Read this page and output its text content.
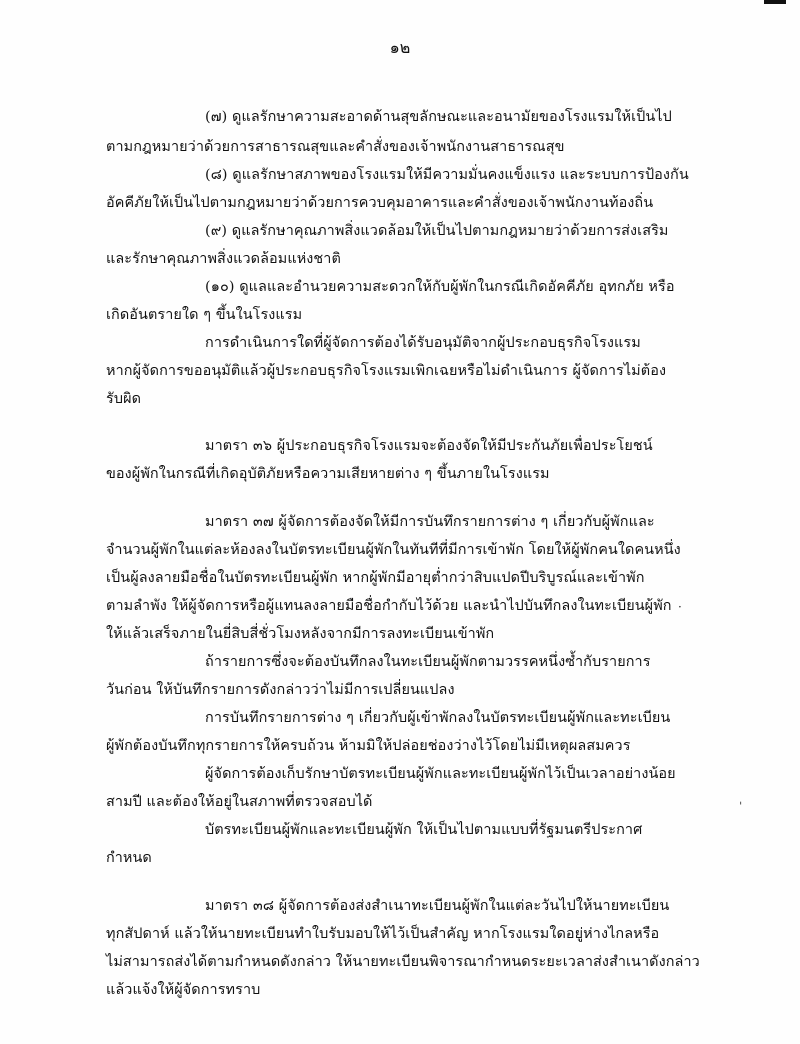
๑๒
(๗) ดูแลรักษาความสะอาดด้านสุขลักษณะและอนามัยของโรงแรมให้เป็นไป
ตามกฎหมายว่าด้วยการสาธารณสุขและคำสั่งของเจ้าพนักงานสาธารณสุข
(๘) ดูแลรักษาสภาพของโรงแรมให้มีความมั่นคงแข็งแรง และระบบการป้องกัน
อัคคีภัยให้เป็นไปตามกฎหมายว่าด้วยการควบคุมอาคารและคำสั่งของเจ้าพนักงานท้องถิ่น
(๙) ดูแลรักษาคุณภาพสิ่งแวดล้อมให้เป็นไปตามกฎหมายว่าด้วยการส่งเสริม
และรักษาคุณภาพสิ่งแวดล้อมแห่งชาติ
(๑๐) ดูแลและอำนวยความสะดวกให้กับผู้พักในกรณีเกิดอัคคีภัย อุทกภัย หรือ
เกิดอันตรายใด ๆ ขึ้นในโรงแรม
การดำเนินการใดที่ผู้จัดการต้องได้รับอนุมัติจากผู้ประกอบธุรกิจโรงแรม
หากผู้จัดการขออนุมัติแล้วผู้ประกอบธุรกิจโรงแรมเพิกเฉยหรือไม่ดำเนินการ ผู้จัดการไม่ต้อง
รับผิด
มาตรา ๓๖ ผู้ประกอบธุรกิจโรงแรมจะต้องจัดให้มีประกันภัยเพื่อประโยชน์
ของผู้พักในกรณีที่เกิดอุบัติภัยหรือความเสียหายต่าง ๆ ขึ้นภายในโรงแรม
มาตรา ๓๗ ผู้จัดการต้องจัดให้มีการบันทึกรายการต่าง ๆ เกี่ยวกับผู้พักและ
จำนวนผู้พักในแต่ละห้องลงในบัตรทะเบียนผู้พักในทันทีที่มีการเข้าพัก โดยให้ผู้พักคนใดคนหนึ่ง
เป็นผู้ลงลายมือชื่อในบัตรทะเบียนผู้พัก หากผู้พักมีอายุต่ำกว่าสิบแปดปีบริบูรณ์และเข้าพัก
ตามลำพัง ให้ผู้จัดการหรือผู้แทนลงลายมือชื่อกำกับไว้ด้วย และนำไปบันทึกลงในทะเบียนผู้พัก
ให้แล้วเสร็จภายในยี่สิบสี่ชั่วโมงหลังจากมีการลงทะเบียนเข้าพัก
ถ้ารายการซึ่งจะต้องบันทึกลงในทะเบียนผู้พักตามวรรคหนึ่งซ้ำกับรายการ
วันก่อน ให้บันทึกรายการดังกล่าวว่าไม่มีการเปลี่ยนแปลง
การบันทึกรายการต่าง ๆ เกี่ยวกับผู้เข้าพักลงในบัตรทะเบียนผู้พักและทะเบียน
ผู้พักต้องบันทึกทุกรายการให้ครบถ้วน ห้ามมิให้ปล่อยช่องว่างไว้โดยไม่มีเหตุผลสมควร
ผู้จัดการต้องเก็บรักษาบัตรทะเบียนผู้พักและทะเบียนผู้พักไว้เป็นเวลาอย่างน้อย
สามปี และต้องให้อยู่ในสภาพที่ตรวจสอบได้
บัตรทะเบียนผู้พักและทะเบียนผู้พัก ให้เป็นไปตามแบบที่รัฐมนตรีประกาศ
กำหนด
มาตรา ๓๘ ผู้จัดการต้องส่งสำเนาทะเบียนผู้พักในแต่ละวันไปให้นายทะเบียน
ทุกสัปดาห์ แล้วให้นายทะเบียนทำใบรับมอบให้ไว้เป็นสำคัญ หากโรงแรมใดอยู่ห่างไกลหรือ
ไม่สามารถส่งได้ตามกำหนดดังกล่าว ให้นายทะเบียนพิจารณากำหนดระยะเวลาส่งสำเนาดังกล่าว
แล้วแจ้งให้ผู้จัดการทราบ
·
ˈ
